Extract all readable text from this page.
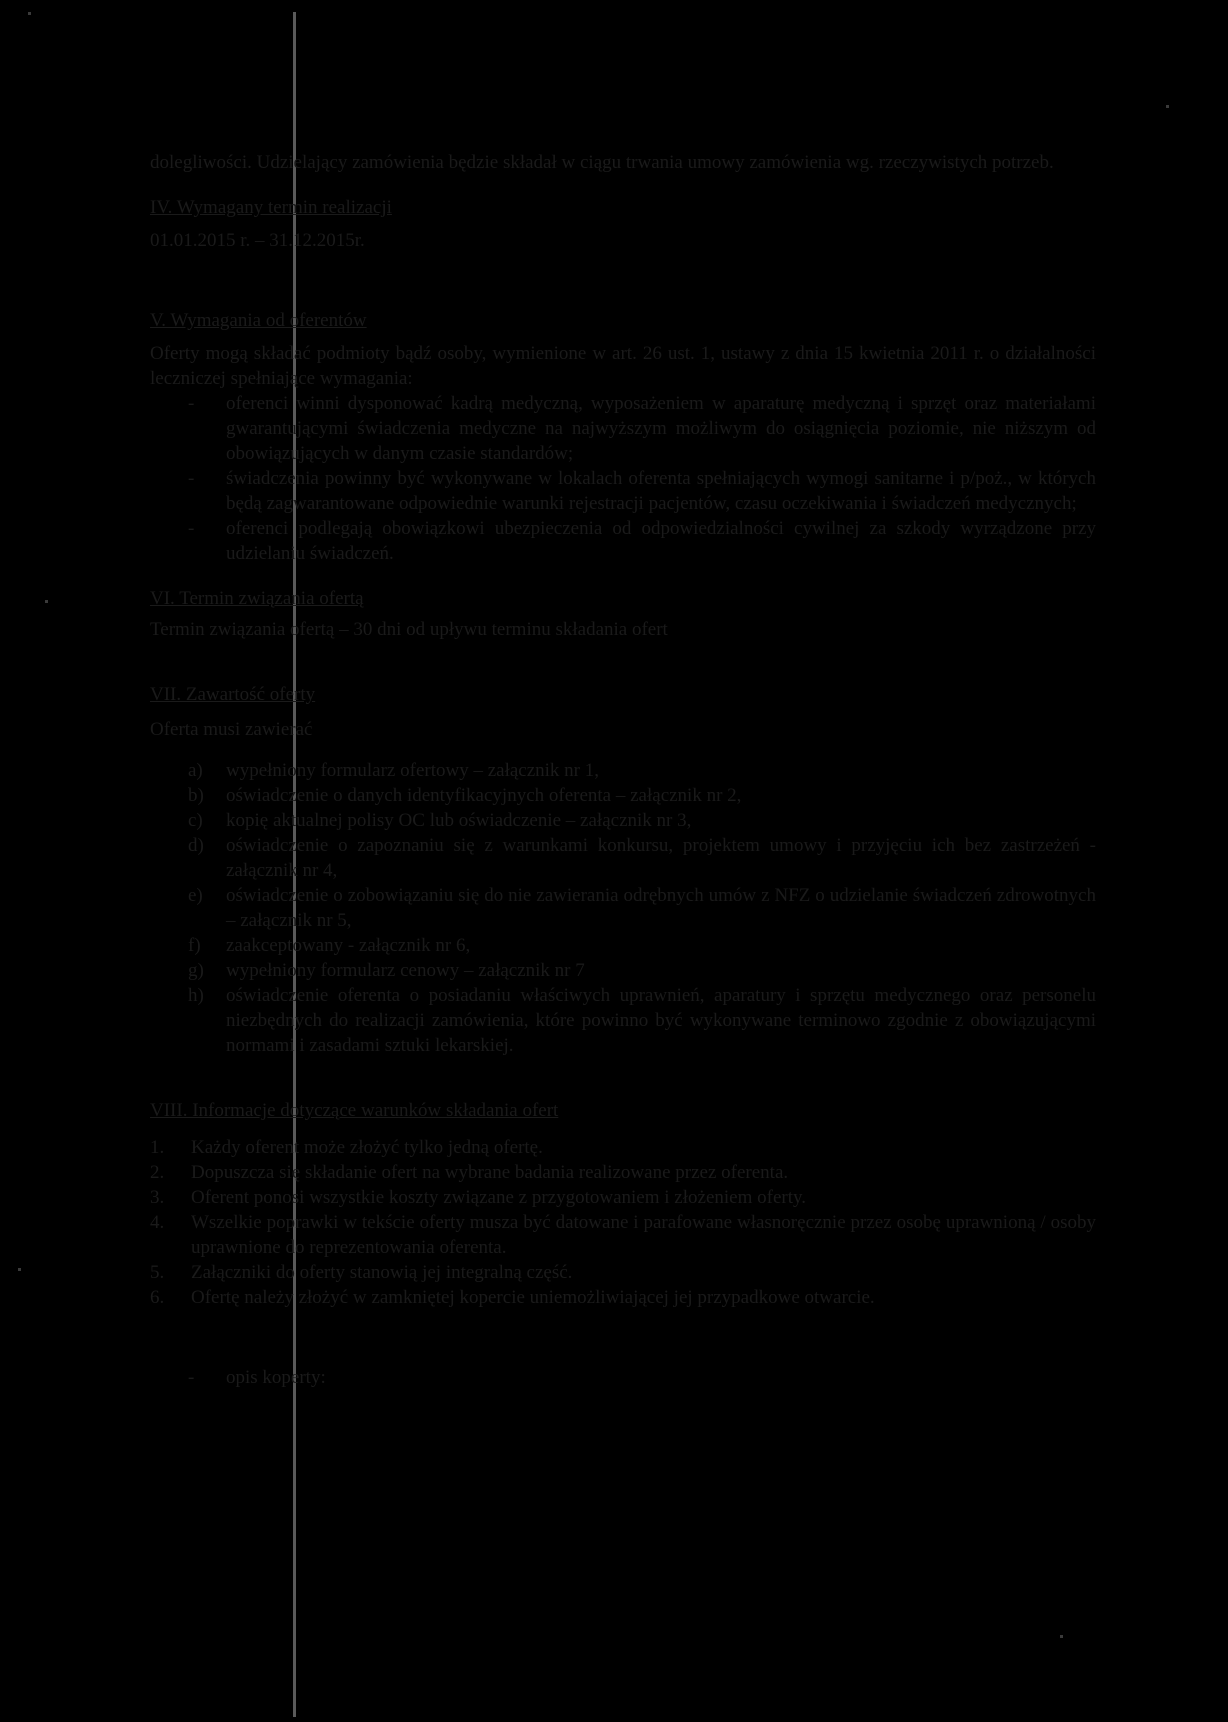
dolegliwości. Udzielający zamówienia będzie składał w ciągu trwania umowy zamówienia wg. rzeczywistych potrzeb.

IV. Wymagany termin realizacji

01.01.2015 r. – 31.12.2015r.

V. Wymagania od oferentów

Oferty mogą składać podmioty bądź osoby, wymienione w art. 26 ust. 1, ustawy z dnia 15 kwietnia 2011 r. o działalności leczniczej spełniające wymagania:

- oferenci winni dysponować kadrą medyczną, wyposażeniem w aparaturę medyczną i sprzęt oraz materiałami gwarantującymi świadczenia medyczne na najwyższym możliwym do osiągnięcia poziomie, nie niższym od obowiązujących w danym czasie standardów;
- świadczenia powinny być wykonywane w lokalach oferenta spełniających wymogi sanitarne i p/poż., w których będą zagwarantowane odpowiednie warunki rejestracji pacjentów, czasu oczekiwania i świadczeń medycznych;
- oferenci podlegają obowiązkowi ubezpieczenia od odpowiedzialności cywilnej za szkody wyrządzone przy udzielaniu świadczeń.

VI. Termin związania ofertą

Termin związania ofertą – 30 dni od upływu terminu składania ofert

VII. Zawartość oferty

Oferta musi zawierać

a) wypełniony formularz ofertowy – załącznik nr 1,
b) oświadczenie o danych identyfikacyjnych oferenta – załącznik nr 2,
c) kopię aktualnej polisy OC lub oświadczenie – załącznik nr 3,
d) oświadczenie o zapoznaniu się z warunkami konkursu, projektem umowy i przyjęciu ich bez zastrzeżeń - załącznik nr 4,
e) oświadczenie o zobowiązaniu się do nie zawierania odrębnych umów z NFZ o udzielanie świadczeń zdrowotnych – załącznik nr 5,
f) zaakceptowany - załącznik nr 6,
g) wypełniony formularz cenowy – załącznik nr 7
h) oświadczenie oferenta o posiadaniu właściwych uprawnień, aparatury i sprzętu medycznego oraz personelu niezbędnych do realizacji zamówienia, które powinno być wykonywane terminowo zgodnie z obowiązującymi normami i zasadami sztuki lekarskiej.

VIII. Informacje dotyczące warunków składania ofert

1. Każdy oferent może złożyć tylko jedną ofertę.
2. Dopuszcza się składanie ofert na wybrane badania realizowane przez oferenta.
3. Oferent ponosi wszystkie koszty związane z przygotowaniem i złożeniem oferty.
4. Wszelkie poprawki w tekście oferty musza być datowane i parafowane własnoręcznie przez osobę uprawnioną / osoby uprawnione do reprezentowania oferenta.
5. Załączniki do oferty stanowią jej integralną część.
6. Ofertę należy złożyć w zamkniętej kopercie uniemożliwiającej jej przypadkowe otwarcie.
- opis koperty:
